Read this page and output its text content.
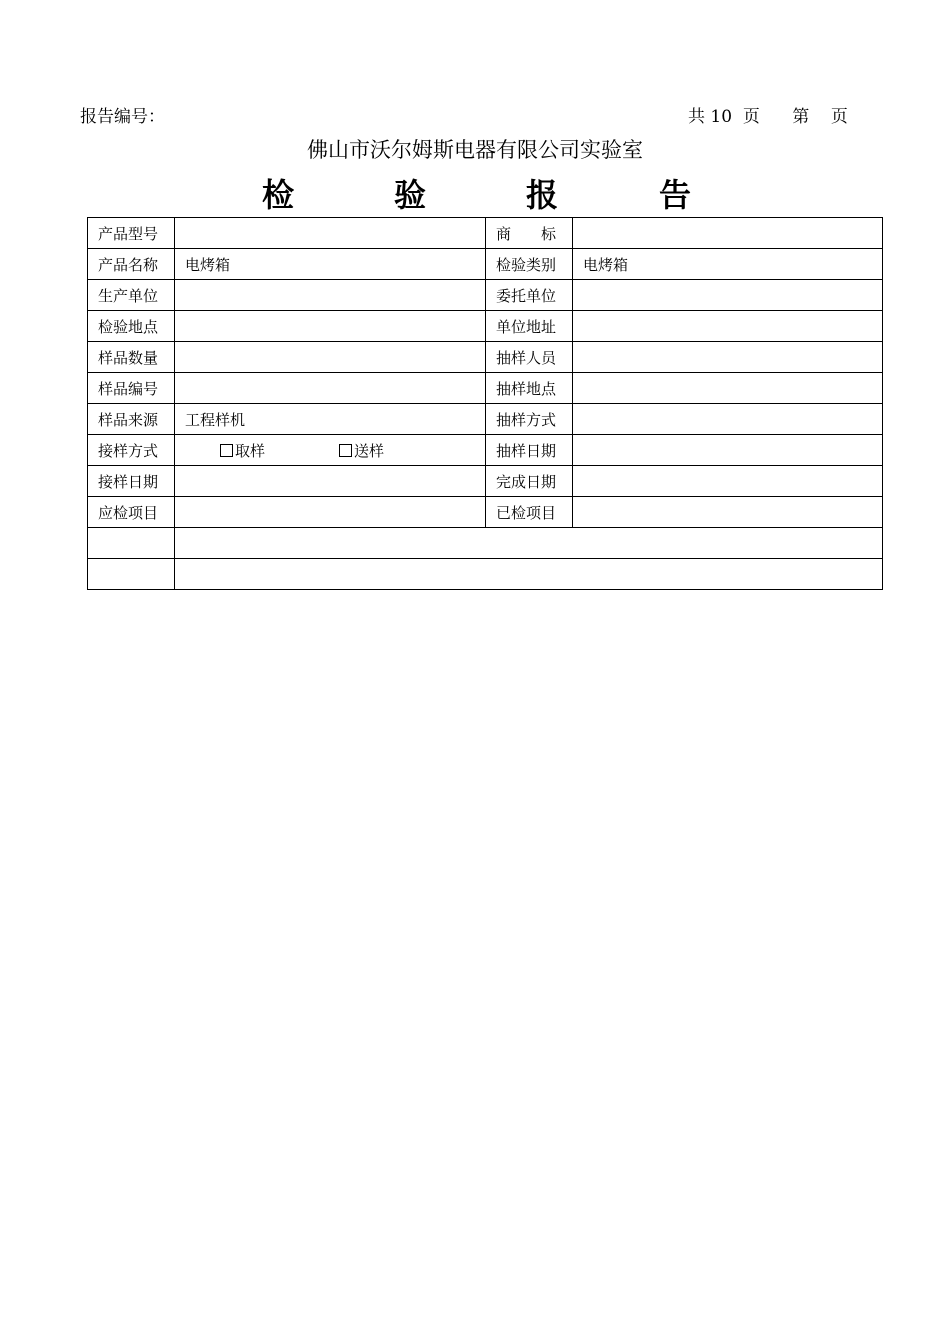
报告编号：	共 10  页      第    页
佛山市沃尔姆斯电器有限公司实验室
检	验	报	告
产品型号		商　　标	
产品名称	电烤箱	检验类别	电烤箱
生产单位		委托单位	
检验地点		单位地址	
样品数量		抽样人员	
样品编号		抽样地点	
样品来源	工程样机	抽样方式	
接样方式	取样 送样	抽样日期	
接样日期		完成日期	
应检项目		已检项目	
